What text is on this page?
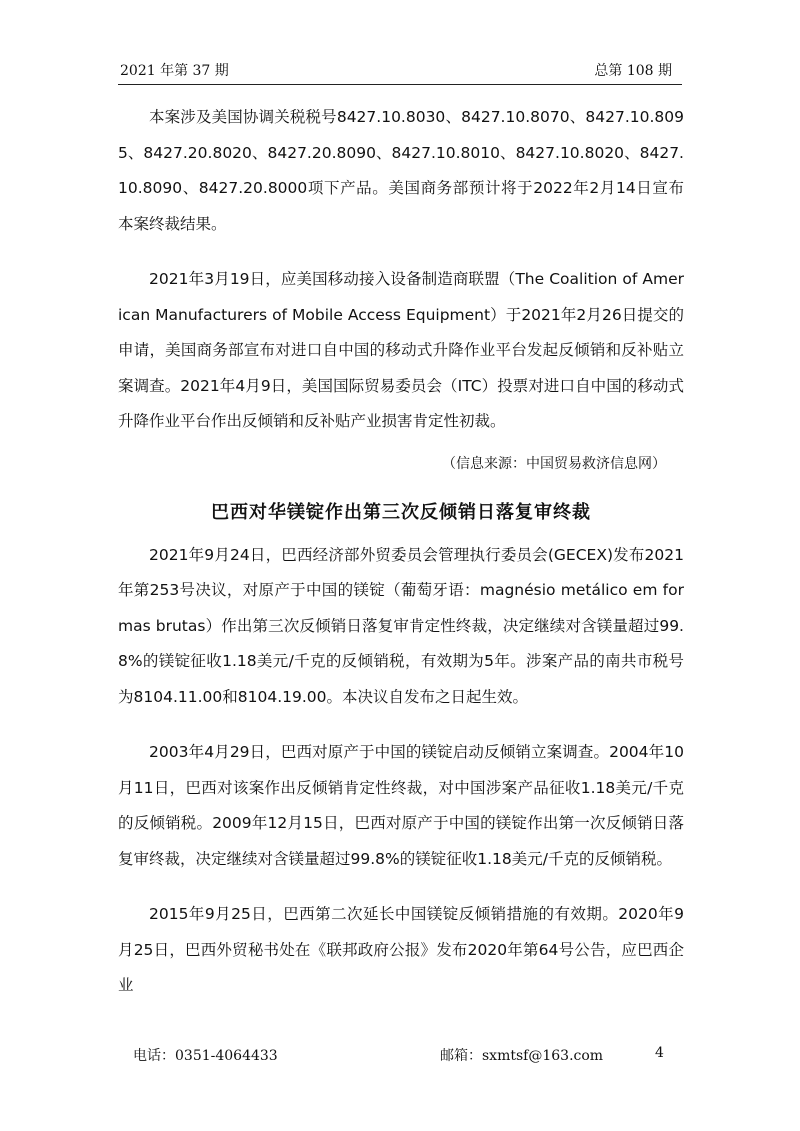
2021 年第 37 期	总第 108 期

本案涉及美国协调关税税号8427.10.8030、8427.10.8070、8427.10.8095、8427.20.8020、8427.20.8090、8427.10.8010、8427.10.8020、8427.10.8090、8427.20.8000项下产品。美国商务部预计将于2022年2月14日宣布本案终裁结果。

2021年3月19日，应美国移动接入设备制造商联盟（The Coalition of American Manufacturers of Mobile Access Equipment）于2021年2月26日提交的申请，美国商务部宣布对进口自中国的移动式升降作业平台发起反倾销和反补贴立案调查。2021年4月9日，美国国际贸易委员会（ITC）投票对进口自中国的移动式升降作业平台作出反倾销和反补贴产业损害肯定性初裁。

（信息来源：中国贸易救济信息网）
巴西对华镁锭作出第三次反倾销日落复审终裁

2021年9月24日，巴西经济部外贸委员会管理执行委员会(GECEX)发布2021年第253号决议，对原产于中国的镁锭（葡萄牙语：magnésio metálico em formas brutas）作出第三次反倾销日落复审肯定性终裁，决定继续对含镁量超过99.8%的镁锭征收1.18美元/千克的反倾销税，有效期为5年。涉案产品的南共市税号为8104.11.00和8104.19.00。本决议自发布之日起生效。

2003年4月29日，巴西对原产于中国的镁锭启动反倾销立案调查。2004年10月11日，巴西对该案作出反倾销肯定性终裁，对中国涉案产品征收1.18美元/千克的反倾销税。2009年12月15日，巴西对原产于中国的镁锭作出第一次反倾销日落复审终裁，决定继续对含镁量超过99.8%的镁锭征收1.18美元/千克的反倾销税。

2015年9月25日，巴西第二次延长中国镁锭反倾销措施的有效期。2020年9月25日，巴西外贸秘书处在《联邦政府公报》发布2020年第64号公告，应巴西企业

电话：0351-4064433	邮箱：sxmtsf@163.com	4
